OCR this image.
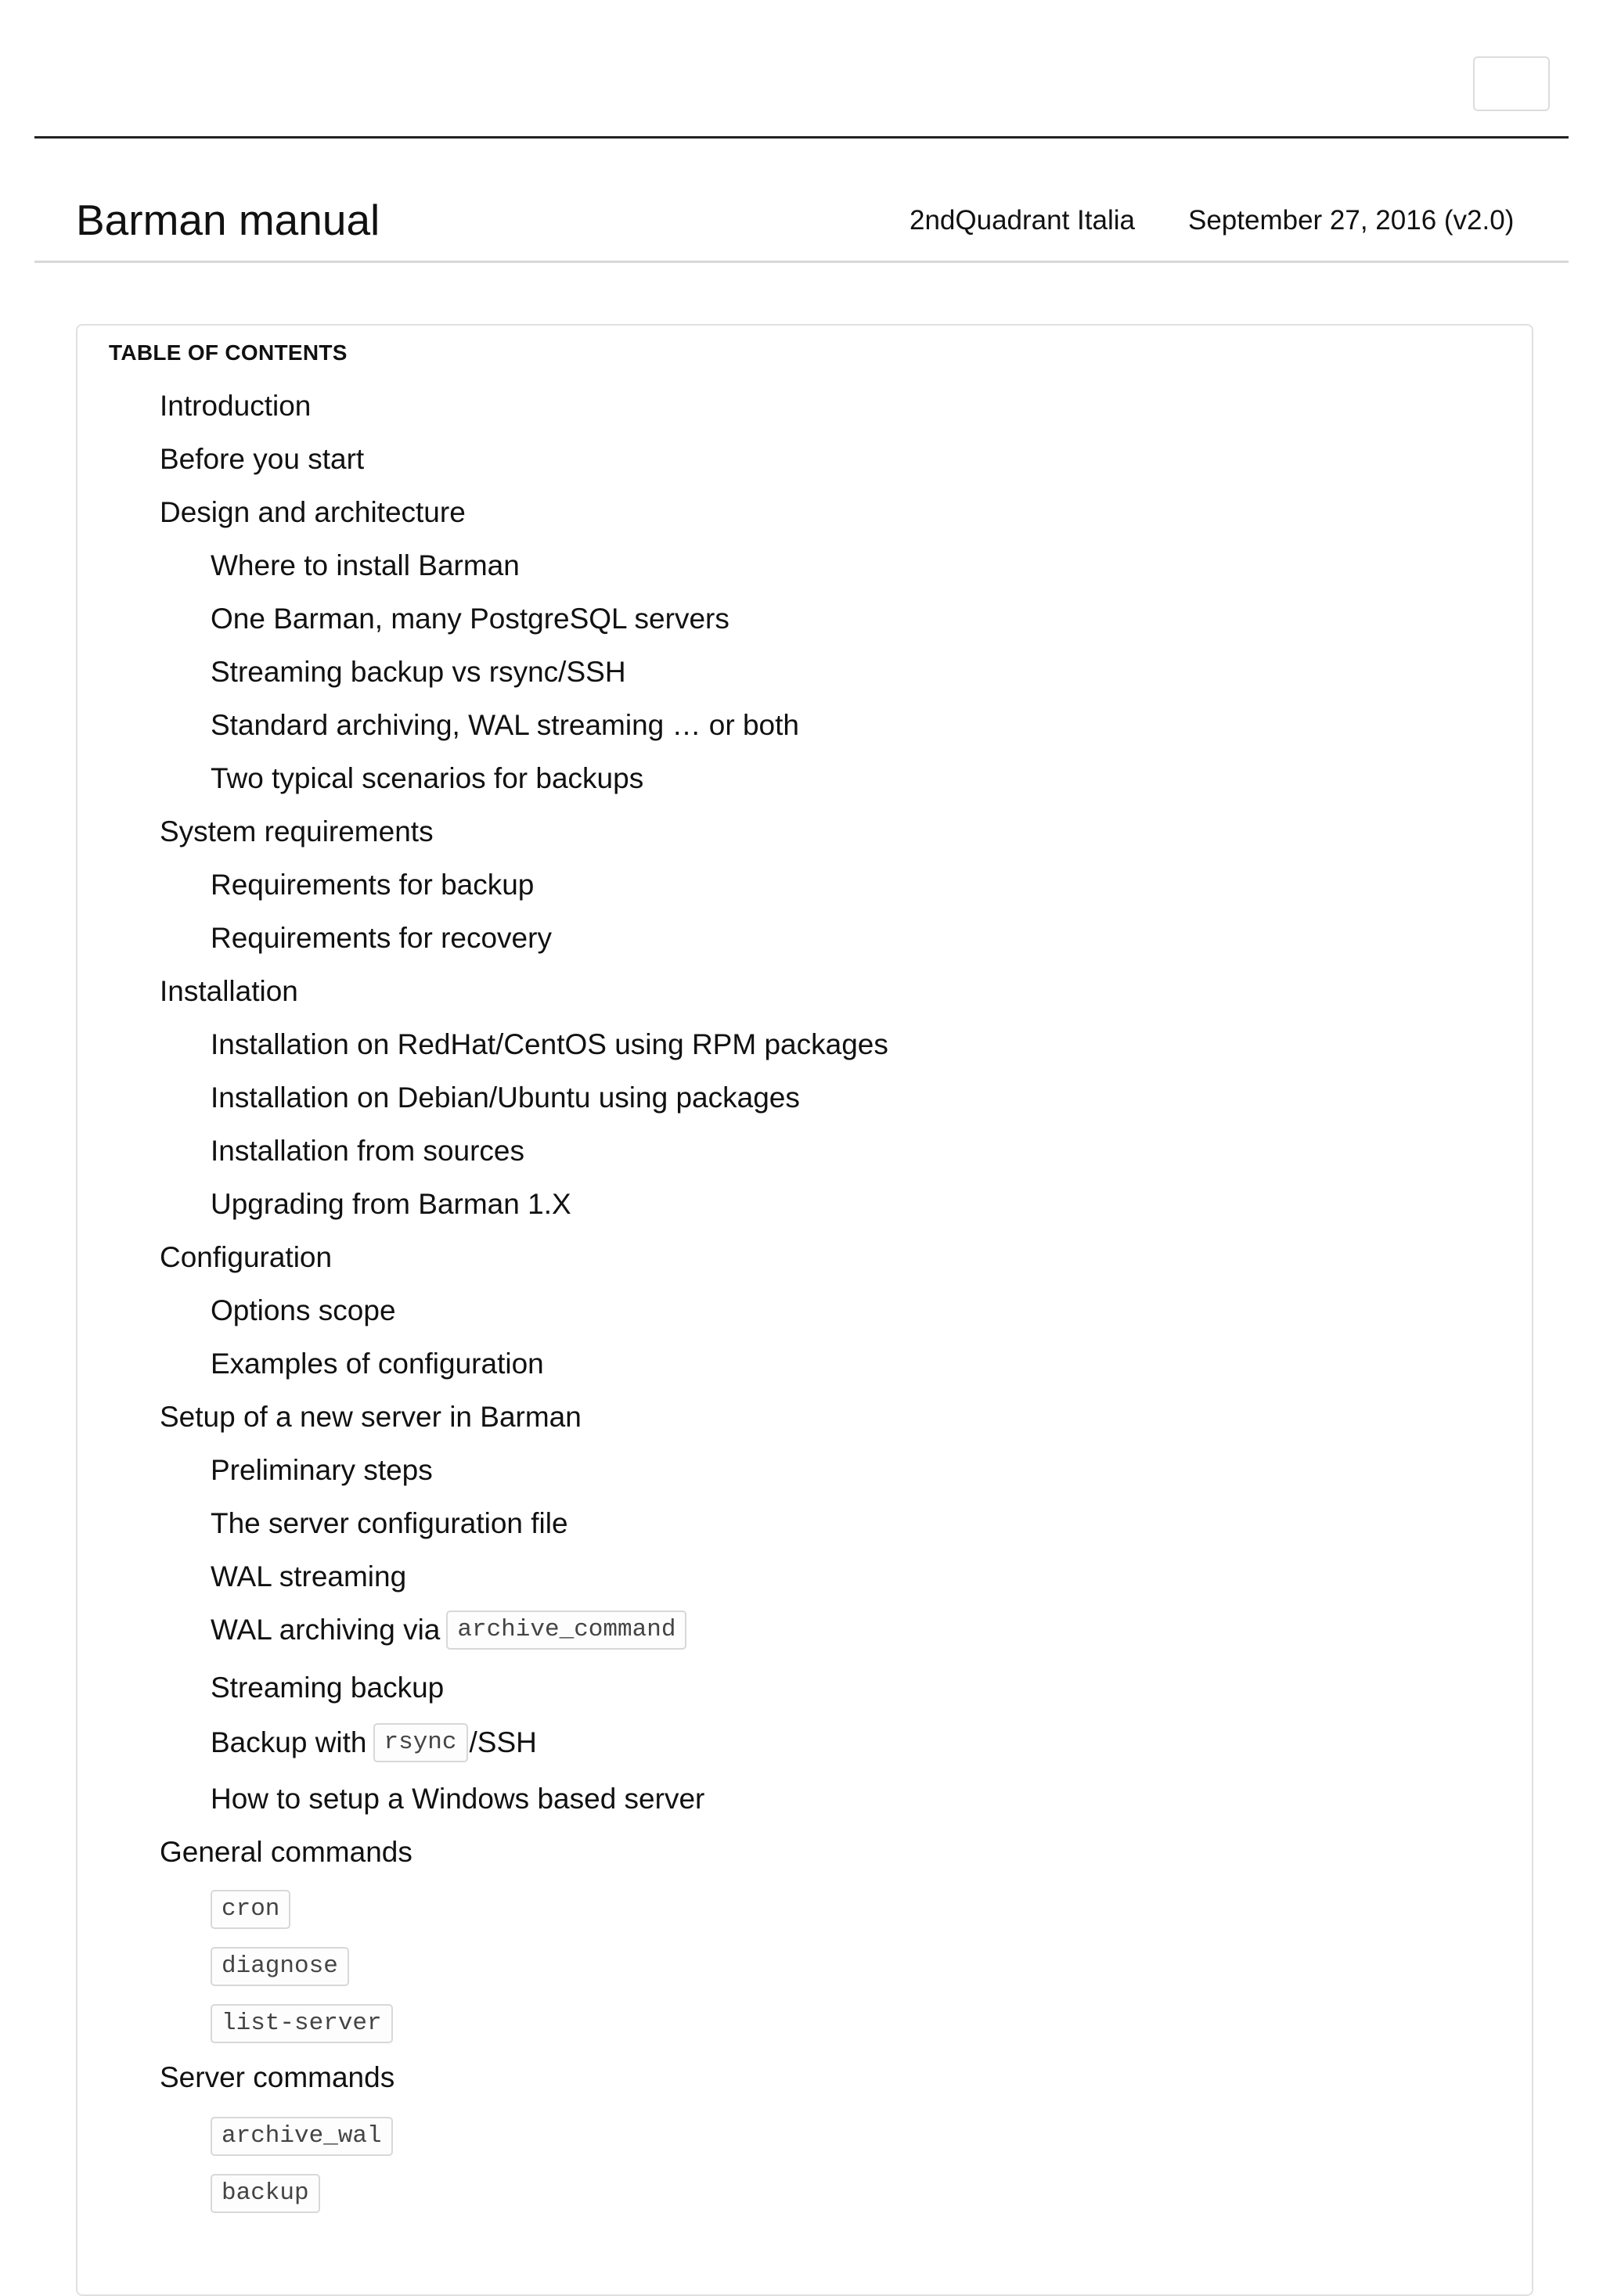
Barman manual	2ndQuadrant Italia September 27, 2016 (v2.0)
TABLE OF CONTENTS
Introduction
Before you start
Design and architecture
Where to install Barman
One Barman, many PostgreSQL servers
Streaming backup vs rsync/SSH
Standard archiving, WAL streaming … or both
Two typical scenarios for backups
System requirements
Requirements for backup
Requirements for recovery
Installation
Installation on RedHat/CentOS using RPM packages
Installation on Debian/Ubuntu using packages
Installation from sources
Upgrading from Barman 1.X
Configuration
Options scope
Examples of configuration
Setup of a new server in Barman
Preliminary steps
The server configuration file
WAL streaming
WAL archiving via archive_command
Streaming backup
Backup with rsync /SSH
How to setup a Windows based server
General commands
cron
diagnose
list-server
Server commands
archive_wal
backup
